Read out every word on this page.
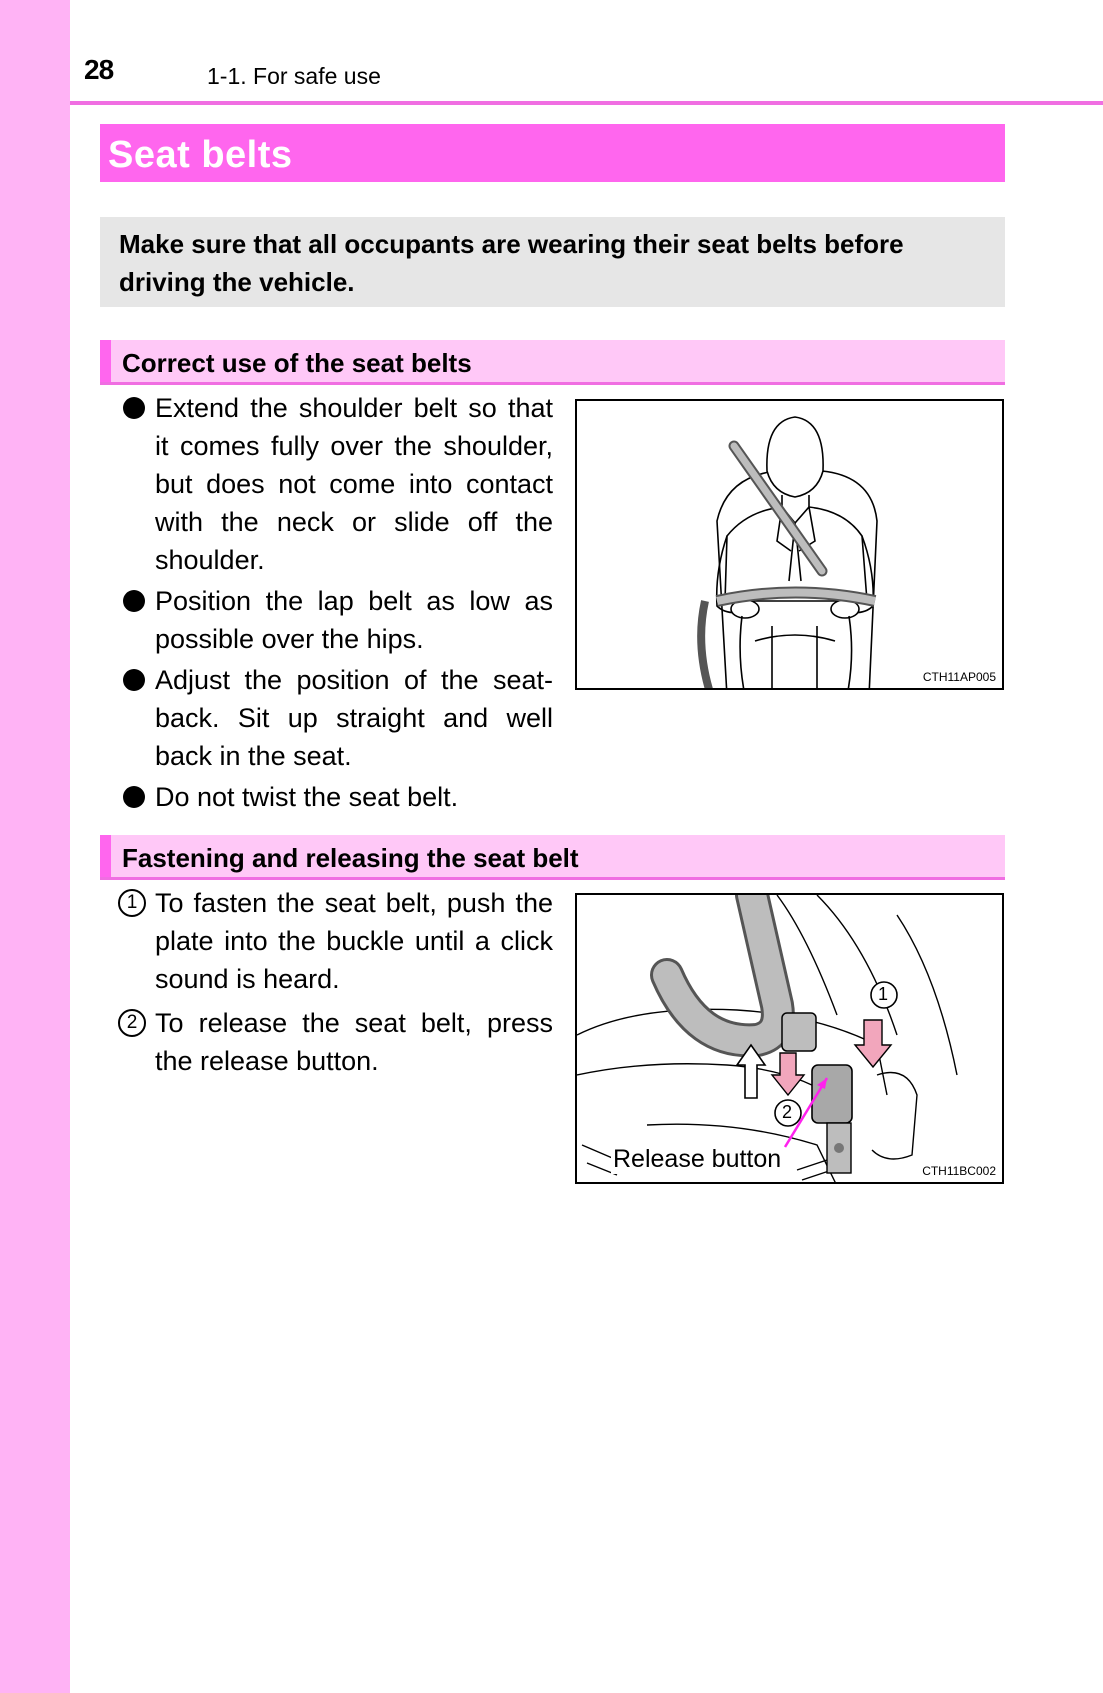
28	1-1. For safe use
Seat belts

Make sure that all occupants are wearing their seat belts before driving the vehicle.

Correct use of the seat belts
Extend the shoulder belt so that it comes fully over the shoulder, but does not come into contact with the neck or slide off the shoulder.
Position the lap belt as low as possible over the hips.
Adjust the position of the seat-back. Sit up straight and well back in the seat.
Do not twist the seat belt.
CTH11AP005
Fastening and releasing the seat belt
1 To fasten the seat belt, push the plate into the buckle until a click sound is heard.
2 To release the seat belt, press the release button.
1
2
Release button	CTH11BC002
